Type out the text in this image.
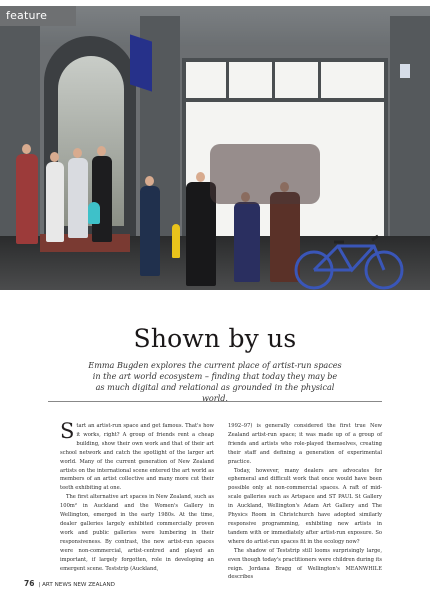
feature
Shown by us
Emma Bugden explores the current place of artist-run spaces in the art world ecosystem – finding that today they may be as much digital and relational as grounded in the physical world.

Start an artist-run space and get famous. That's how it works, right? A group of friends rent a cheap building, show their own work and that of their art school network and catch the spotlight of the larger art world. Many of the current generation of New Zealand artists on the international scene entered the art world as members of an artist collective and many more cut their teeth exhibiting at one.

The first alternative art spaces in New Zealand, such as 100m² in Auckland and the Women's Gallery in Wellington, emerged in the early 1980s. At the time, dealer galleries largely exhibited commercially proven work and public galleries were lumbering in their responsiveness. By contrast, the new artist-run spaces were non-commercial, artist-centred and played an important, if largely forgotten, role in developing an emergent scene. Teststrip (Auckland,

1992–97) is generally considered the first true New Zealand artist-run space; it was made up of a group of friends and artists who role-played themselves, creating their staff and defining a generation of experimental practice.

Today, however, many dealers are advocates for ephemeral and difficult work that once would have been possible only at non-commercial spaces. A raft of mid-scale galleries such as Artspace and ST PAUL St Gallery in Auckland, Wellington's Adam Art Gallery and The Physics Room in Christchurch have adopted similarly responsive programming, exhibiting new artists in tandem with or immediately after artist-run exposure. So where do artist-run spaces fit in the ecology now?

The shadow of Teststrip still looms surprisingly large, even though today's practitioners were children during its reign. Jordana Bragg of Wellington's MEANWHILE describes

76 | ART NEWS NEW ZEALAND
